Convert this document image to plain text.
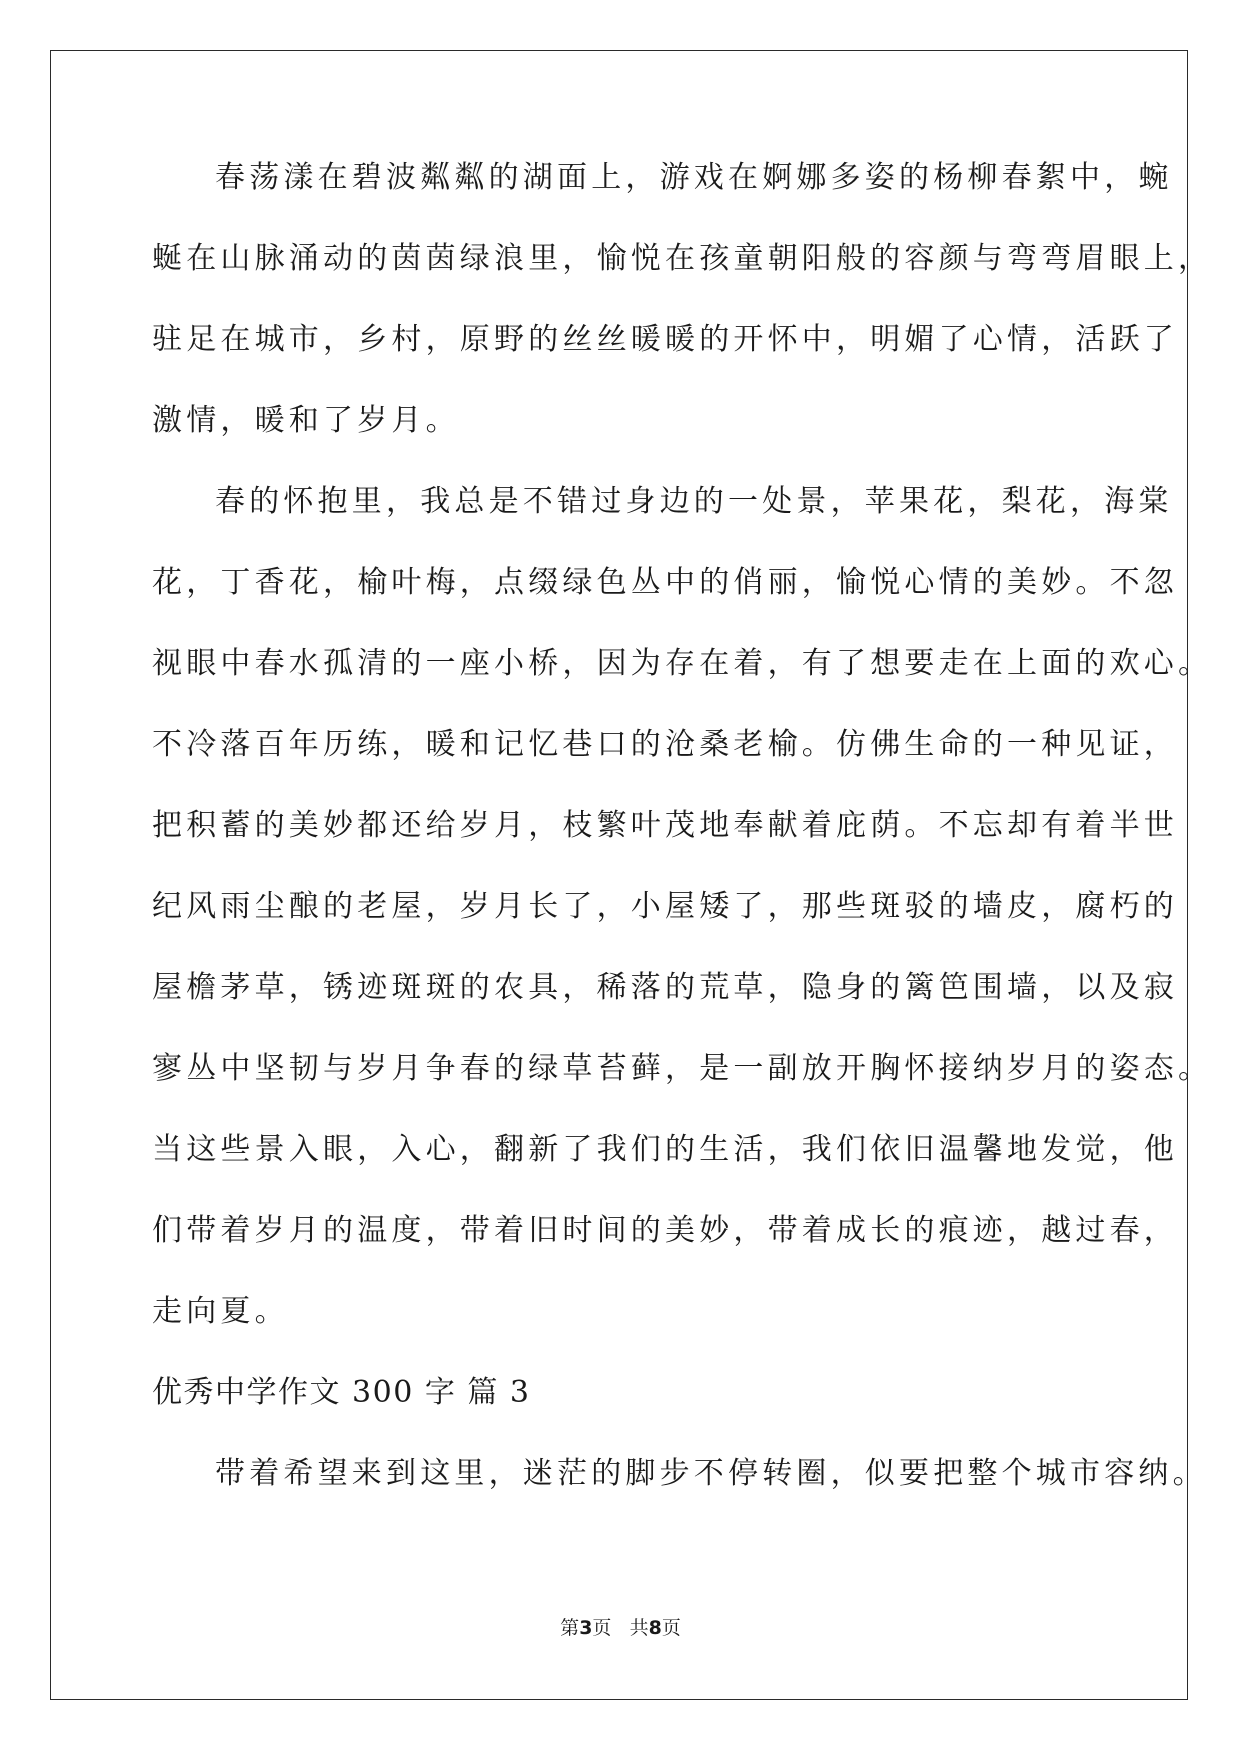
春荡漾在碧波粼粼的湖面上，游戏在婀娜多姿的杨柳春絮中，蜿
蜒在山脉涌动的茵茵绿浪里，愉悦在孩童朝阳般的容颜与弯弯眉眼上，
驻足在城市，乡村，原野的丝丝暖暖的开怀中，明媚了心情，活跃了
激情，暖和了岁月。
春的怀抱里，我总是不错过身边的一处景，苹果花，梨花，海棠
花，丁香花，榆叶梅，点缀绿色丛中的俏丽，愉悦心情的美妙。不忽
视眼中春水孤清的一座小桥，因为存在着，有了想要走在上面的欢心。
不冷落百年历练，暖和记忆巷口的沧桑老榆。仿佛生命的一种见证，
把积蓄的美妙都还给岁月，枝繁叶茂地奉献着庇荫。不忘却有着半世
纪风雨尘酿的老屋，岁月长了，小屋矮了，那些斑驳的墙皮，腐朽的
屋檐茅草，锈迹斑斑的农具，稀落的荒草，隐身的篱笆围墙，以及寂
寥丛中坚韧与岁月争春的绿草苔藓，是一副放开胸怀接纳岁月的姿态。
当这些景入眼，入心，翻新了我们的生活，我们依旧温馨地发觉，他
们带着岁月的温度，带着旧时间的美妙，带着成长的痕迹，越过春，
走向夏。
优秀中学作文 300 字 篇 3
带着希望来到这里，迷茫的脚步不停转圈，似要把整个城市容纳。
第3页 共8页
